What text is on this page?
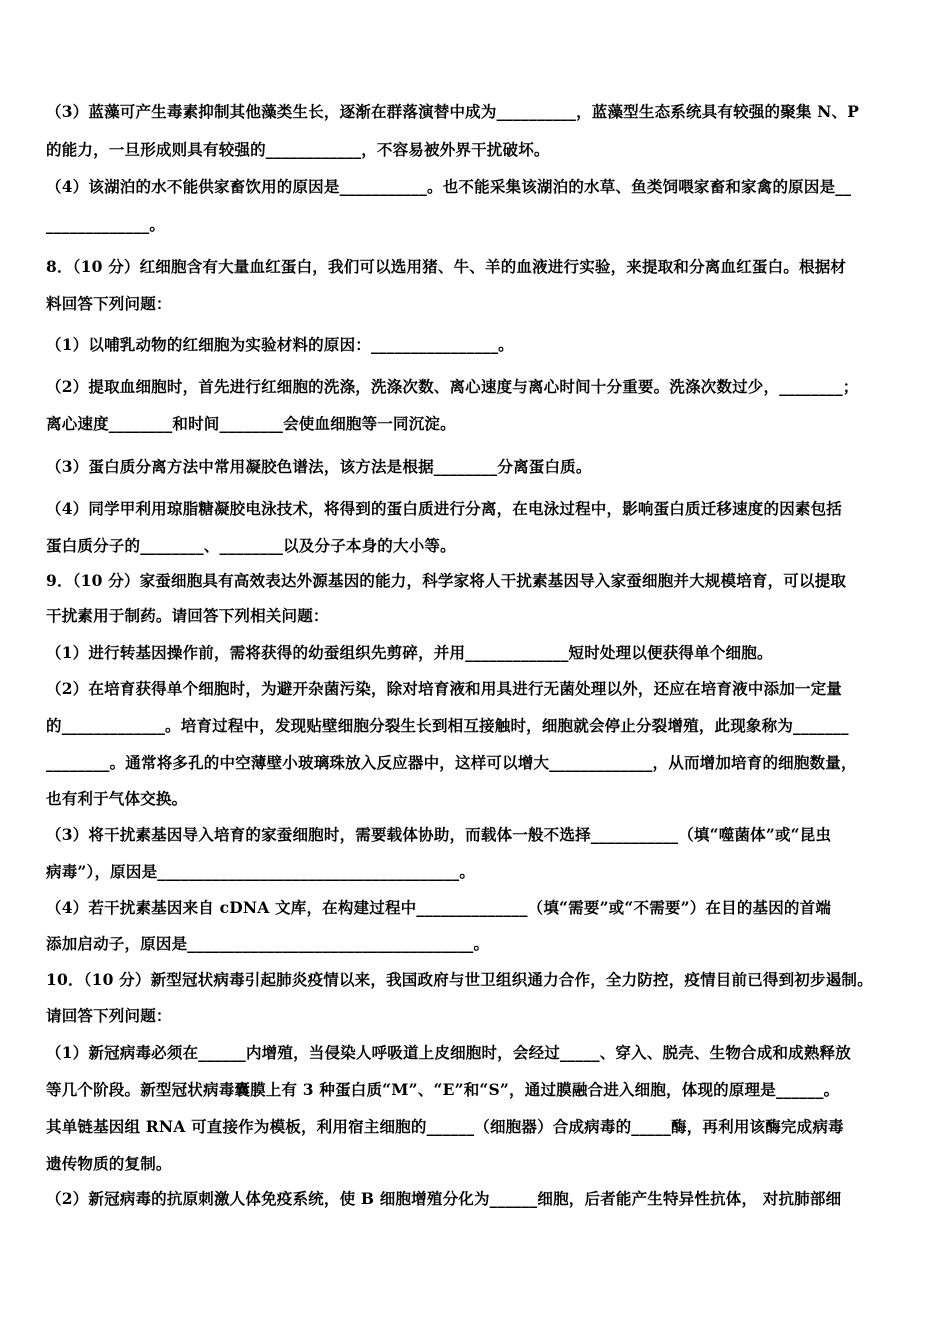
（3）蓝藻可产生毒素抑制其他藻类生长，逐渐在群落演替中成为__________，蓝藻型生态系统具有较强的聚集 N、P
的能力，一旦形成则具有较强的____________，不容易被外界干扰破坏。
（4）该湖泊的水不能供家畜饮用的原因是___________。也不能采集该湖泊的水草、鱼类饲喂家畜和家禽的原因是__
_____________。
8．（10 分）红细胞含有大量血红蛋白，我们可以选用猪、牛、羊的血液进行实验，来提取和分离血红蛋白。根据材
料回答下列问题：
（1）以哺乳动物的红细胞为实验材料的原因：________________。
（2）提取血细胞时，首先进行红细胞的洗涤，洗涤次数、离心速度与离心时间十分重要。洗涤次数过少，________；
离心速度________和时间________会使血细胞等一同沉淀。
（3）蛋白质分离方法中常用凝胶色谱法，该方法是根据________分离蛋白质。
（4）同学甲利用琼脂糖凝胶电泳技术，将得到的蛋白质进行分离，在电泳过程中，影响蛋白质迁移速度的因素包括
蛋白质分子的________、________以及分子本身的大小等。
9．（10 分）家蚕细胞具有高效表达外源基因的能力，科学家将人干扰素基因导入家蚕细胞并大规模培育，可以提取
干扰素用于制药。请回答下列相关问题：
（1）进行转基因操作前，需将获得的幼蚕组织先剪碎，并用_____________短时处理以便获得单个细胞。
（2）在培育获得单个细胞时，为避开杂菌污染，除对培育液和用具进行无菌处理以外，还应在培育液中添加一定量
的_____________。培育过程中，发现贴壁细胞分裂生长到相互接触时，细胞就会停止分裂增殖，此现象称为_______
________。通常将多孔的中空薄壁小玻璃珠放入反应器中，这样可以增大_____________，从而增加培育的细胞数量，
也有利于气体交换。
（3）将干扰素基因导入培育的家蚕细胞时，需要载体协助，而载体一般不选择___________（填“噬菌体”或“昆虫
病毒”），原因是______________________________________。
（4）若干扰素基因来自 cDNA 文库，在构建过程中______________（填“需要”或“不需要”）在目的基因的首端
添加启动子，原因是____________________________________。
10．（10 分）新型冠状病毒引起肺炎疫情以来，我国政府与世卫组织通力合作，全力防控，疫情目前已得到初步遏制。
请回答下列问题：
（1）新冠病毒必须在______内增殖，当侵染人呼吸道上皮细胞时，会经过_____、穿入、脱壳、生物合成和成熟释放
等几个阶段。新型冠状病毒囊膜上有 3 种蛋白质“M”、“E”和“S”，通过膜融合进入细胞，体现的原理是______。
其单链基因组 RNA 可直接作为模板，利用宿主细胞的______（细胞器）合成病毒的_____酶，再利用该酶完成病毒
遗传物质的复制。
（2）新冠病毒的抗原刺激人体免疫系统，使 B 细胞增殖分化为______细胞，后者能产生特异性抗体， 对抗肺部细
